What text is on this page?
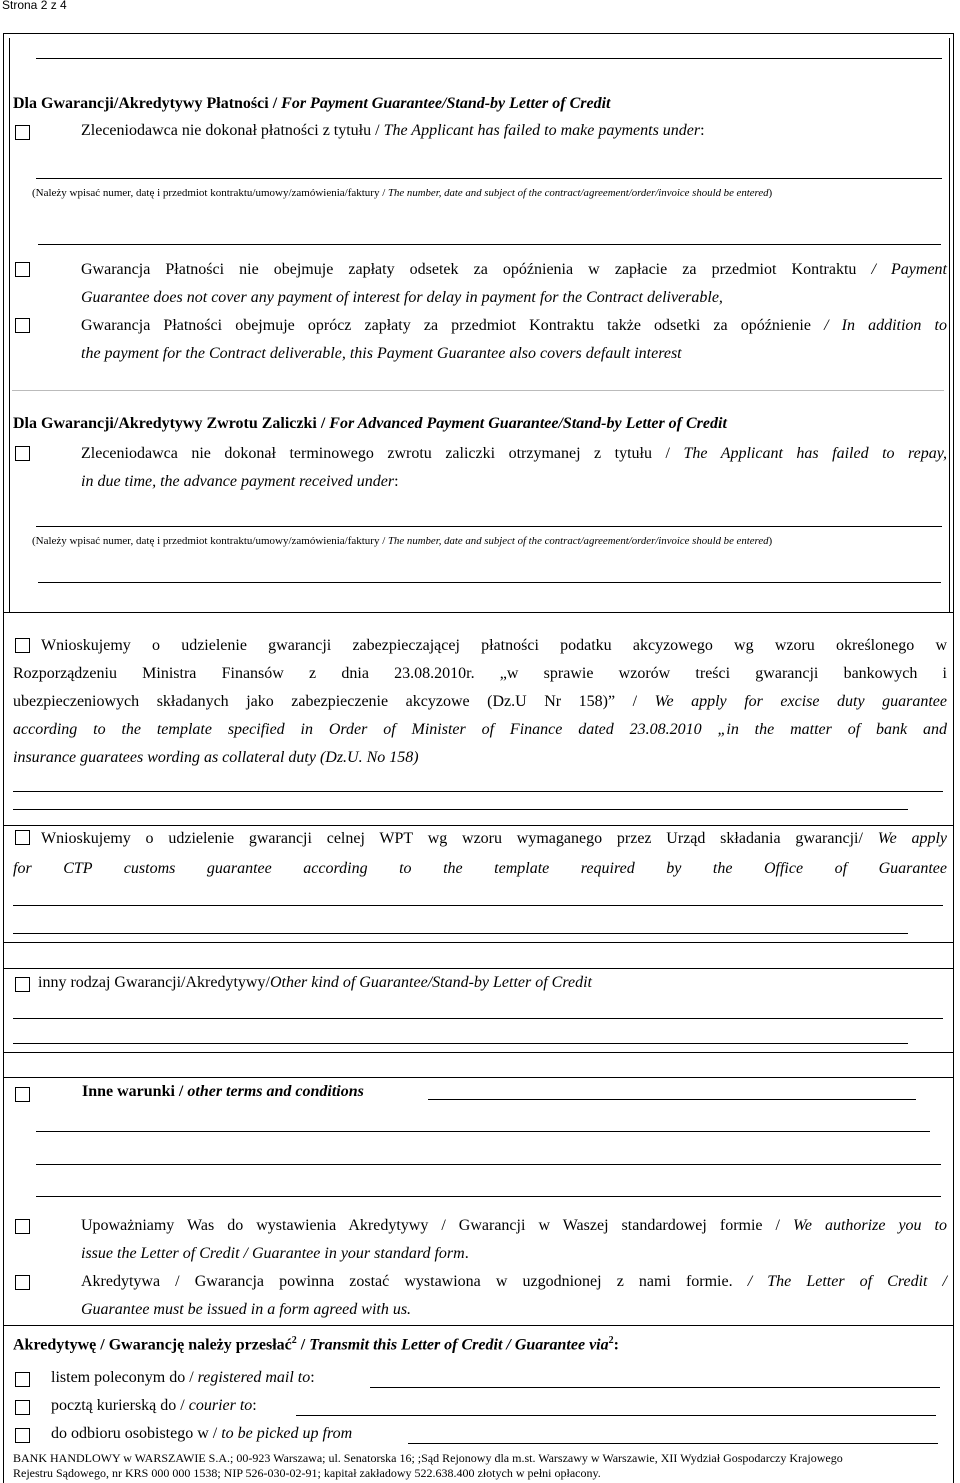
Strona 2 z 4
Dla Gwarancji/Akredytywy Płatności / For Payment Guarantee/Stand-by Letter of Credit
Zleceniodawca nie dokonał płatności z tytułu / The Applicant has failed to make payments under:
(Należy wpisać numer, datę i przedmiot kontraktu/umowy/zamówienia/faktury / The number, date and subject of the contract/agreement/order/invoice should be entered)
Gwarancja Płatności nie obejmuje zapłaty odsetek za opóźnienia w zapłacie za przedmiot Kontraktu / Payment
Guarantee does not cover any payment of interest for delay in payment for the Contract deliverable,
Gwarancja Płatności obejmuje oprócz zapłaty za przedmiot Kontraktu także odsetki za opóźnienie / In addition to
the payment for the Contract deliverable, this Payment Guarantee also covers default interest
Dla Gwarancji/Akredytywy Zwrotu Zaliczki / For Advanced Payment Guarantee/Stand-by Letter of Credit
Zleceniodawca nie dokonał terminowego zwrotu zaliczki otrzymanej z tytułu / The Applicant has failed to repay,
in due time, the advance payment received under:
(Należy wpisać numer, datę i przedmiot kontraktu/umowy/zamówienia/faktury / The number, date and subject of the contract/agreement/order/invoice should be entered)
Wnioskujemy o udzielenie gwarancji zabezpieczającej płatności podatku akcyzowego wg wzoru określonego w
Rozporządzeniu Ministra Finansów z dnia 23.08.2010r. „w sprawie wzorów treści gwarancji bankowych i
ubezpieczeniowych składanych jako zabezpieczenie akcyzowe (Dz.U Nr 158)” / We apply for excise duty guarantee
according to the template specified in Order of Minister of Finance dated 23.08.2010 „in the matter of bank and
insurance guaratees wording as collateral duty (Dz.U. No 158)
Wnioskujemy o udzielenie gwarancji celnej WPT wg wzoru wymaganego przez Urząd składania gwarancji/ We apply
for CTP customs guarantee according to the template required by the Office of Guarantee
inny rodzaj Gwarancji/Akredytywy/Other kind of Guarantee/Stand-by Letter of Credit
Inne warunki / other terms and conditions
Upoważniamy Was do wystawienia Akredytywy / Gwarancji w Waszej standardowej formie / We authorize you to
issue the Letter of Credit / Guarantee in your standard form.
Akredytywa / Gwarancja powinna zostać wystawiona w uzgodnionej z nami formie. / The Letter of Credit /
Guarantee must be issued in a form agreed with us.
Akredytywę / Gwarancję należy przesłać$^2$ / Transmit this Letter of Credit / Guarantee via$^2$:
listem poleconym do / registered mail to:
pocztą kurierską do / courier to:
do odbioru osobistego w / to be picked up from
BANK HANDLOWY w WARSZAWIE S.A.; 00-923 Warszawa; ul. Senatorska 16; ;Sąd Rejonowy dla m.st. Warszawy w Warszawie, XII Wydział Gospodarczy Krajowego
Rejestru Sądowego, nr KRS 000 000 1538; NIP 526-030-02-91; kapitał zakładowy 522.638.400 złotych w pełni opłacony.
